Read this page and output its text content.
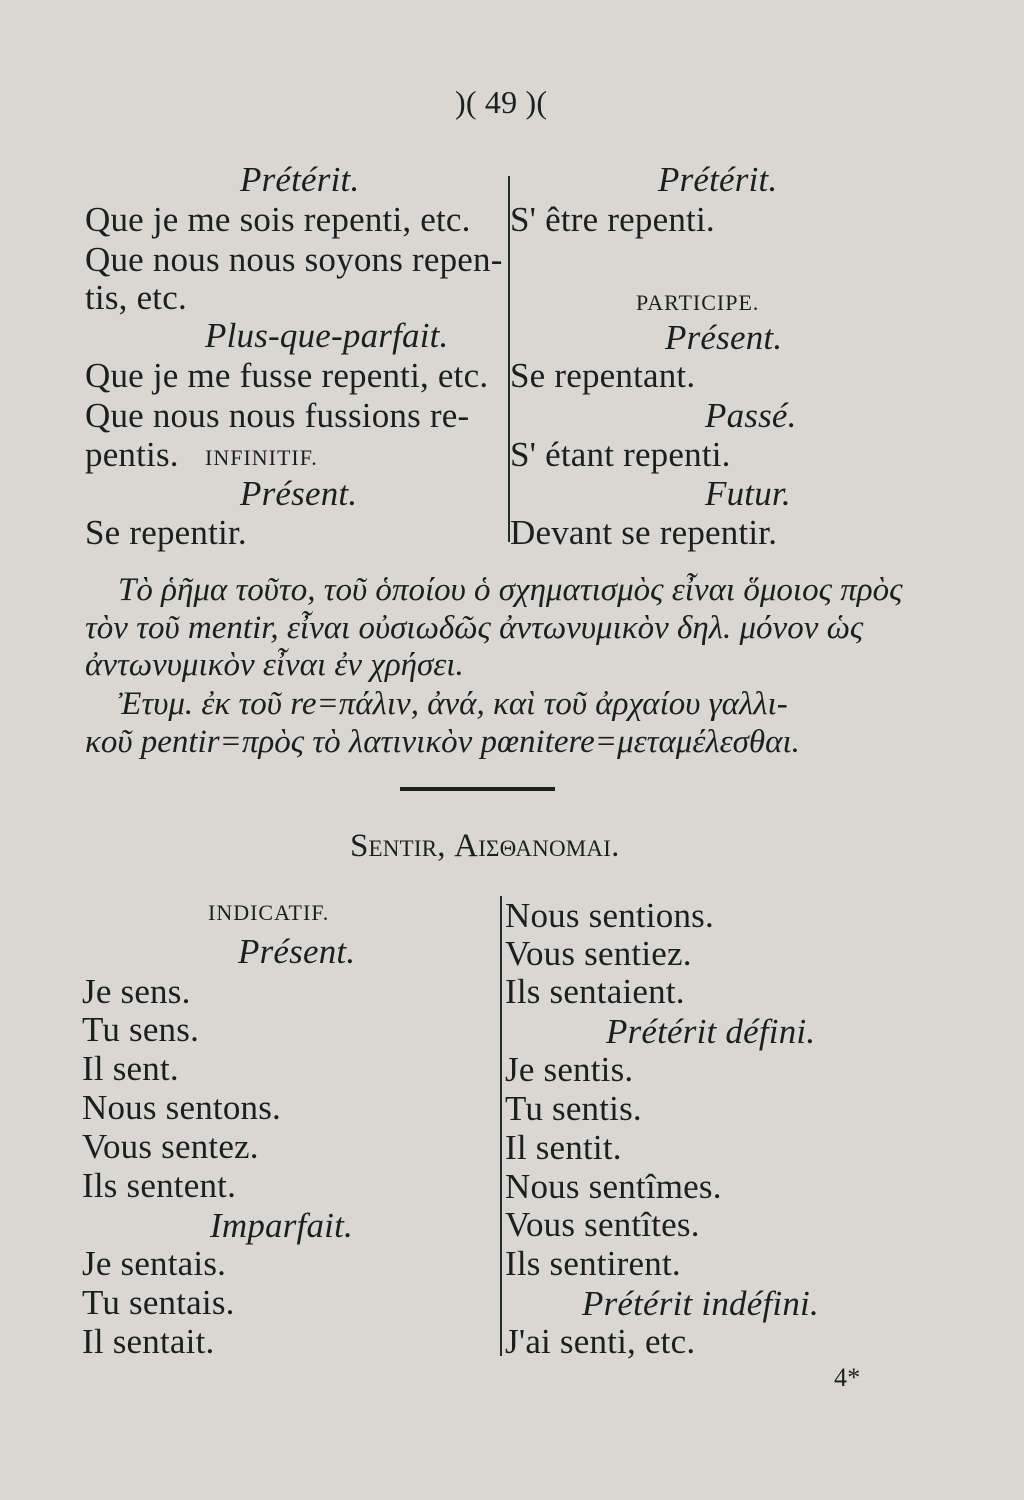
)( 49 )(
Prétérit.
Que je me sois repenti, etc.
Que nous nous soyons repen-
tis, etc.
Plus-que-parfait.
Que je me fusse repenti, etc.
Que nous nous fussions re-
pentis. INFINITIF.
Présent.
Se repentir.
Prétérit.
S' être repenti.
PARTICIPE.
Présent.
Se repentant.
Passé.
S' étant repenti.
Futur.
Devant se repentir.
Τὸ ῥῆμα τοῦτο, τοῦ ὁποίου ὁ σχηματισμὸς εἶναι ὅμοιος πρὸς
τὸν τοῦ mentir, εἶναι οὐσιωδῶς ἀντωνυμικὸν δηλ. μόνον ὡς
ἀντωνυμικὸν εἶναι ἐν χρήσει.
Ἐτυμ. ἐκ τοῦ re=πάλιν, ἀνά, καὶ τοῦ ἀρχαίου γαλλι-
κοῦ pentir=πρὸς τὸ λατινικὸν pœnitere=μεταμέλεσθαι.
Sentir, Αισθανομαι.
INDICATIF.
Présent.
Je sens.
Tu sens.
Il sent.
Nous sentons.
Vous sentez.
Ils sentent.
Imparfait.
Je sentais.
Tu sentais.
Il sentait.
Nous sentions.
Vous sentiez.
Ils sentaient.
Prétérit défini.
Je sentis.
Tu sentis.
Il sentit.
Nous sentîmes.
Vous sentîtes.
Ils sentirent.
Prétérit indéfini.
J'ai senti, etc.
4*
